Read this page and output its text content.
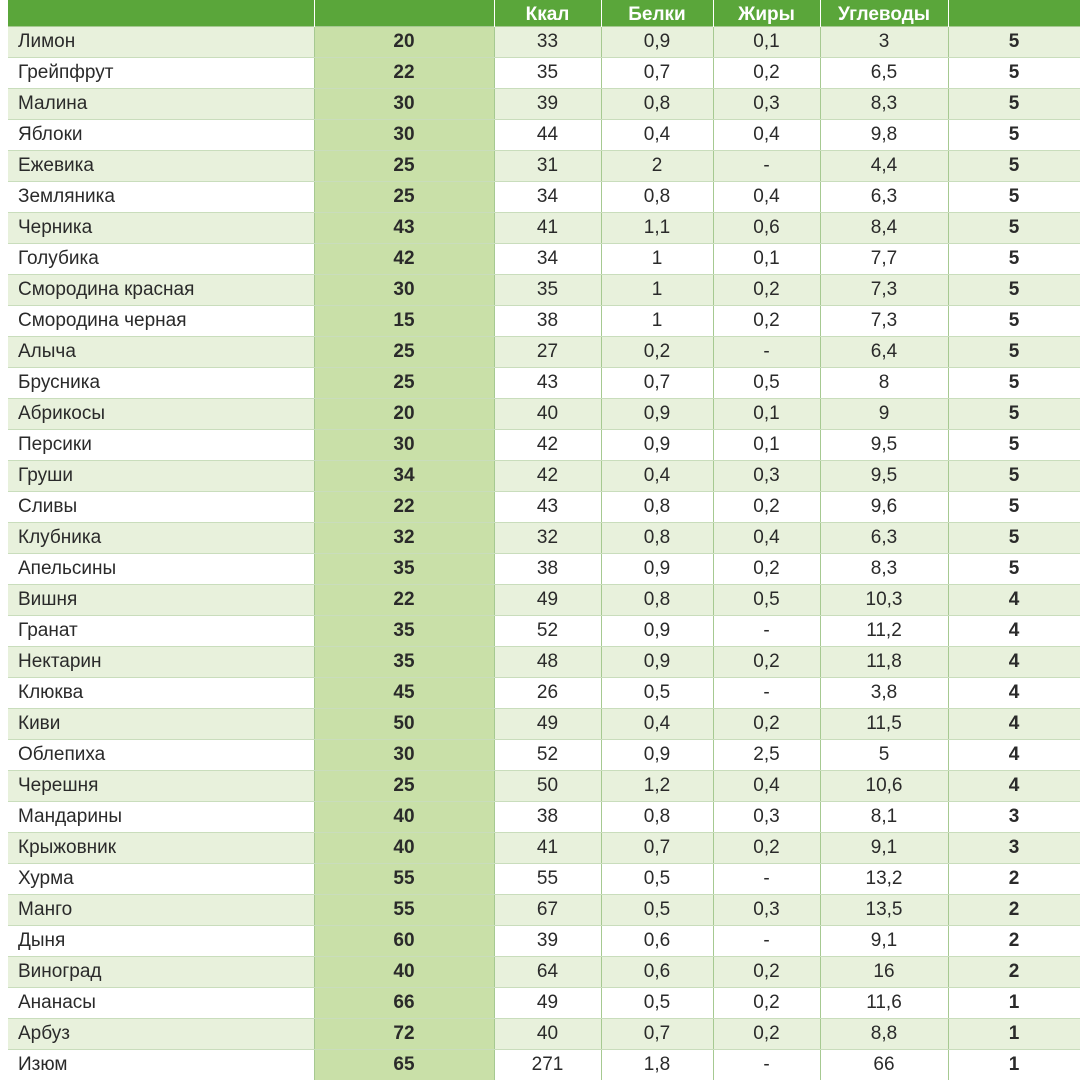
		Ккал	Белки	Жиры	Углеводы	
Лимон	20	33	0,9	0,1	3	5
Грейпфрут	22	35	0,7	0,2	6,5	5
Малина	30	39	0,8	0,3	8,3	5
Яблоки	30	44	0,4	0,4	9,8	5
Ежевика	25	31	2	-	4,4	5
Земляника	25	34	0,8	0,4	6,3	5
Черника	43	41	1,1	0,6	8,4	5
Голубика	42	34	1	0,1	7,7	5
Смородина красная	30	35	1	0,2	7,3	5
Смородина черная	15	38	1	0,2	7,3	5
Алыча	25	27	0,2	-	6,4	5
Брусника	25	43	0,7	0,5	8	5
Абрикосы	20	40	0,9	0,1	9	5
Персики	30	42	0,9	0,1	9,5	5
Груши	34	42	0,4	0,3	9,5	5
Сливы	22	43	0,8	0,2	9,6	5
Клубника	32	32	0,8	0,4	6,3	5
Апельсины	35	38	0,9	0,2	8,3	5
Вишня	22	49	0,8	0,5	10,3	4
Гранат	35	52	0,9	-	11,2	4
Нектарин	35	48	0,9	0,2	11,8	4
Клюква	45	26	0,5	-	3,8	4
Киви	50	49	0,4	0,2	11,5	4
Облепиха	30	52	0,9	2,5	5	4
Черешня	25	50	1,2	0,4	10,6	4
Мандарины	40	38	0,8	0,3	8,1	3
Крыжовник	40	41	0,7	0,2	9,1	3
Хурма	55	55	0,5	-	13,2	2
Манго	55	67	0,5	0,3	13,5	2
Дыня	60	39	0,6	-	9,1	2
Виноград	40	64	0,6	0,2	16	2
Ананасы	66	49	0,5	0,2	11,6	1
Арбуз	72	40	0,7	0,2	8,8	1
Изюм	65	271	1,8	-	66	1
